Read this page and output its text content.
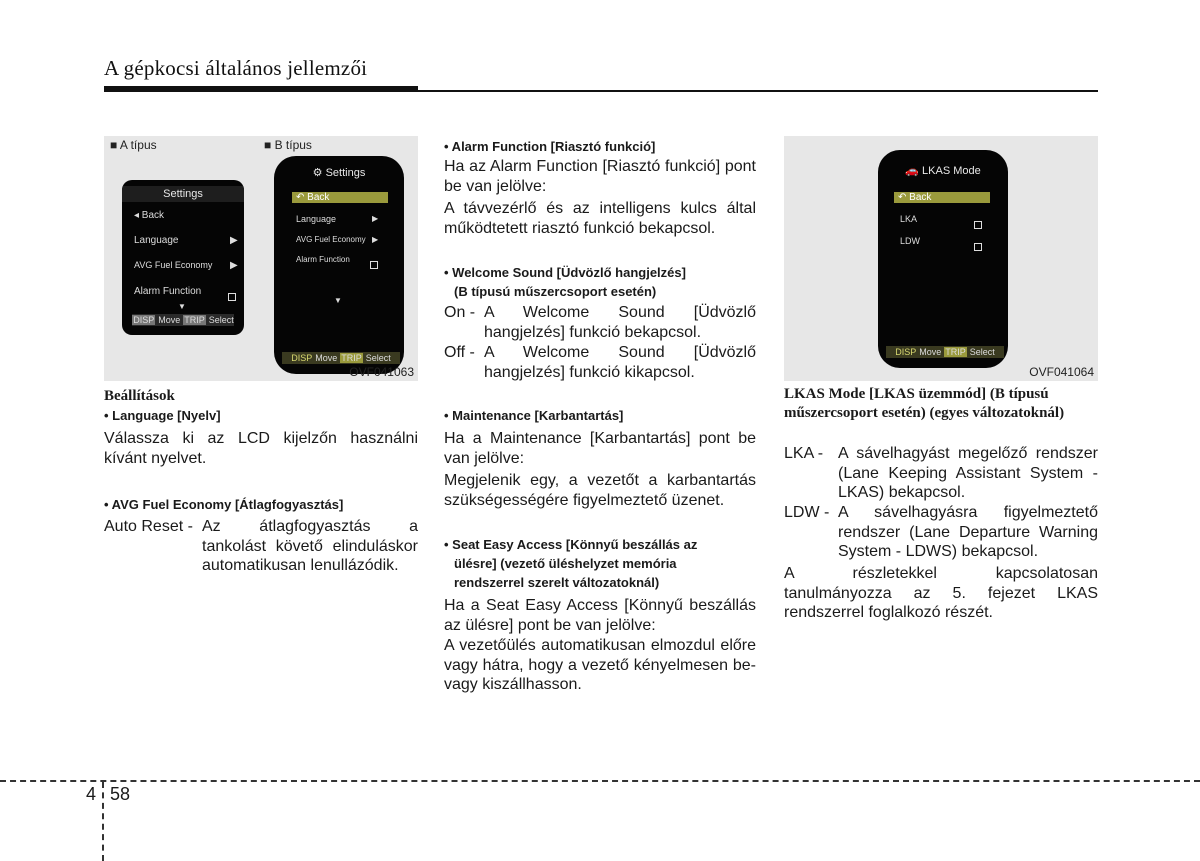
A gépkocsi általános jellemzői
■ A típus	■ B típus
Settings
◂ Back
Language	▶
AVG Fuel Economy ▶
Alarm Function
▼
DISP Move TRIP Select
⚙ Settings
↶ Back
Language	▶
AVG Fuel Economy ▶
Alarm Function
▼
DISP Move TRIP Select
OVF041063
Beállítások
• Language [Nyelv]
Válassza ki az LCD kijelzőn használni kívánt nyelvet.
• AVG Fuel Economy [Átlagfogyasztás]
Auto Reset - Az átlagfogyasztás a tankolást követő elinduláskor automatikusan lenullázódik.
• Alarm Function [Riasztó funkció]
Ha az Alarm Function [Riasztó funkció] pont be van jelölve:
A távvezérlő és az intelligens kulcs által működtetett riasztó funkció bekapcsol.
• Welcome Sound [Üdvözlő hangjelzés]
(B típusú műszercsoport esetén)
On - A Welcome Sound [Üdvözlő hangjelzés] funkció bekapcsol.
Off - A Welcome Sound [Üdvözlő hangjelzés] funkció kikapcsol.
• Maintenance [Karbantartás]
Ha a Maintenance [Karbantartás] pont be van jelölve:
Megjelenik egy, a vezetőt a karbantartás szükségességére figyelmeztető üzenet.
• Seat Easy Access [Könnyű beszállás az
ülésre] (vezető üléshelyzet memória
rendszerrel szerelt változatoknál)
Ha a Seat Easy Access [Könnyű beszállás az ülésre] pont be van jelölve:
A vezetőülés automatikusan elmozdul előre vagy hátra, hogy a vezető kényelmesen be- vagy kiszállhasson.
🚗 LKAS Mode
↶ Back
LKA
LDW
DISP Move TRIP Select
OVF041064
LKAS Mode [LKAS üzemmód] (B típusú műszercsoport esetén) (egyes változatoknál)
LKA - A sávelhagyást megelőző rendszer (Lane Keeping Assistant System - LKAS) bekapcsol.
LDW - A sávelhagyásra figyelmeztető rendszer (Lane Departure Warning System - LDWS) bekapcsol.
A részletekkel kapcsolatosan tanulmányozza az 5. fejezet LKAS rendszerrel foglalkozó részét.
4 58
